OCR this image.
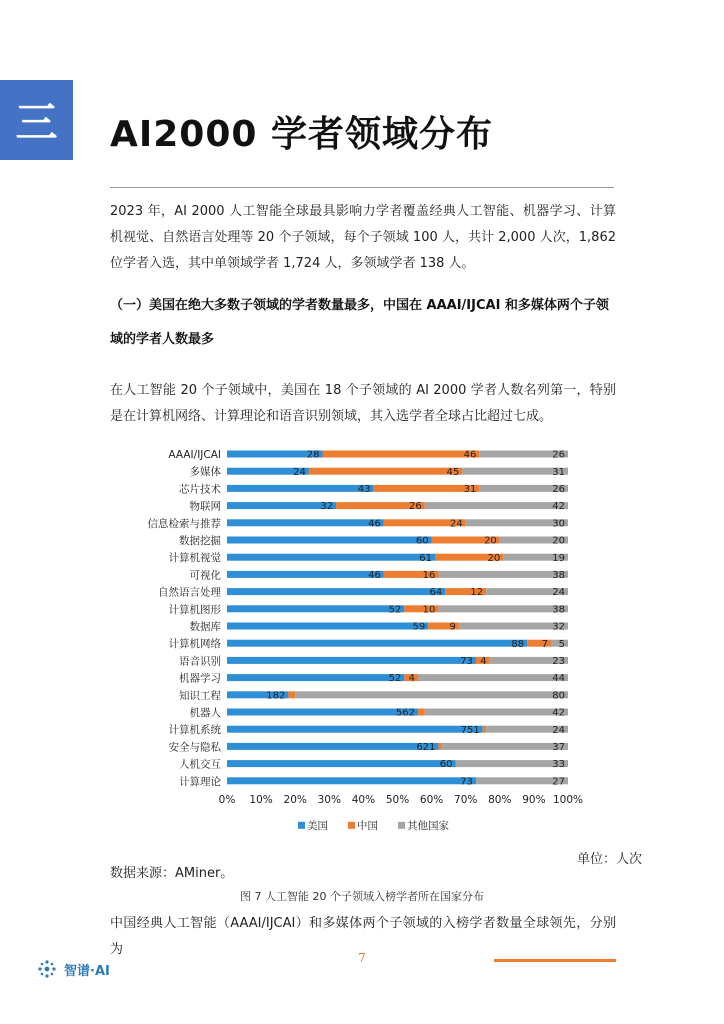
三 AI2000 学者领域分布
2023 年，AI 2000 人工智能全球最具影响力学者覆盖经典人工智能、机器学习、计算机视觉、自然语言处理等 20 个子领域，每个子领域 100 人，共计 2,000 人次，1,862 位学者入选，其中单领域学者 1,724 人，多领域学者 138 人。
（一）美国在绝大多数子领域的学者数量最多，中国在 AAAI/IJCAI 和多媒体两个子领域的学者人数最多
在人工智能 20 个子领域中，美国在 18 个子领域的 AI 2000 学者人数名列第一，特别是在计算机网络、计算理论和语音识别领域，其入选学者全球占比超过七成。
AAAI/IJCAI	28	46	26
多媒体	24	45	31
芯片技术	43	31	26
物联网	32	26	42
信息检索与推荐	46	24	30
数据挖掘	60	20	20
计算机视觉	61	20	19
可视化	46	16	38
自然语言处理	64	12	24
计算机图形	52 10	38
数据库	59 9	32
计算机网络	88 7 5
语音识别	73 4	23
机器学习	52 4	44
知识工程	182	80
机器人	562	42
计算机系统	751	24
安全与隐私	621	37
人机交互	60	33
计算理论	73	27
0% 10% 20% 30% 40% 50% 60% 70% 80% 90% 100%
美国	中国	其他国家
单位：人次
数据来源：AMiner。
图 7 人工智能 20 个子领域入榜学者所在国家分布
中国经典人工智能（AAAI/IJCAI）和多媒体两个子领域的入榜学者数量全球领先，分别为
智谱·AI
7
